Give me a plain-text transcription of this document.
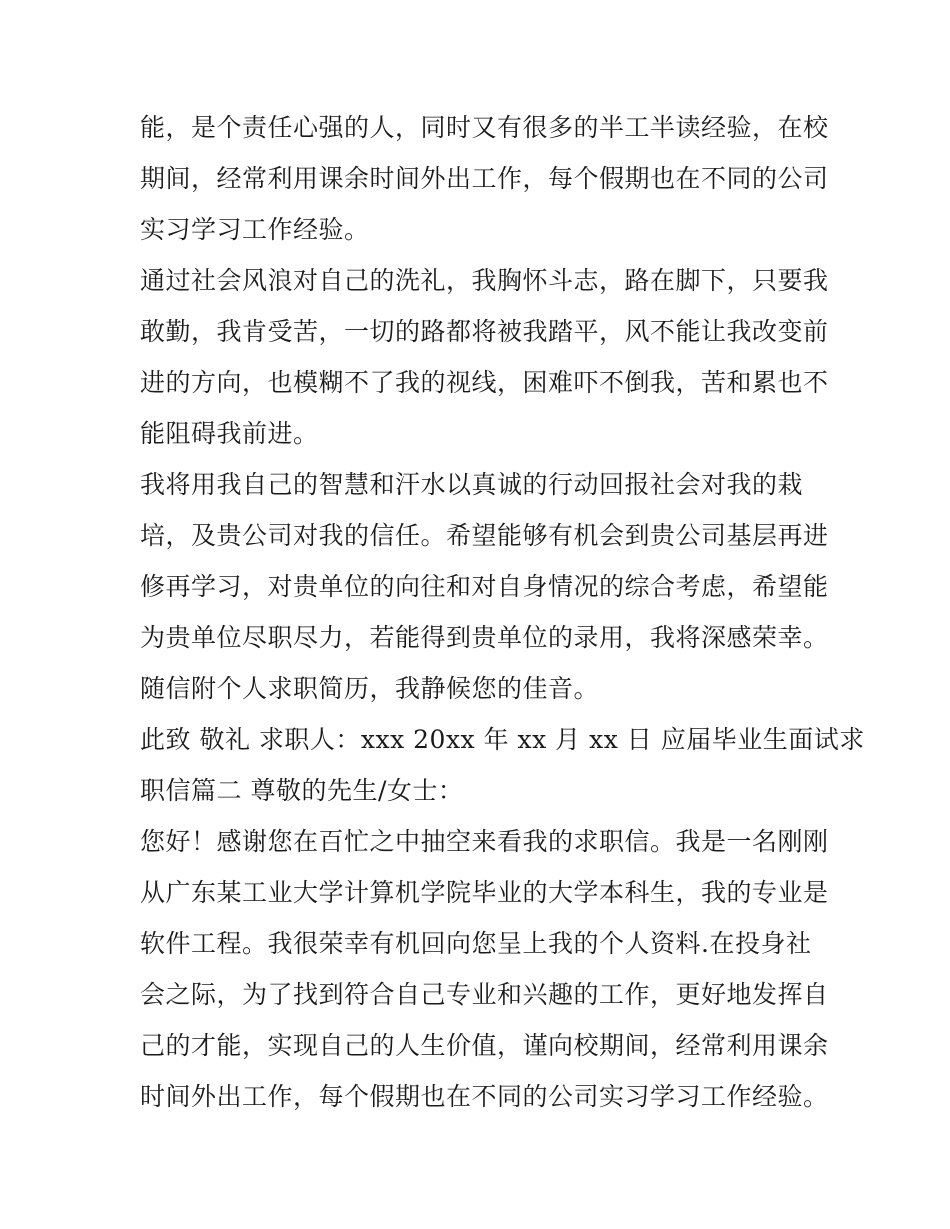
能，是个责任心强的人，同时又有很多的半工半读经验，在校
期间，经常利用课余时间外出工作，每个假期也在不同的公司
实习学习工作经验。
通过社会风浪对自己的洗礼，我胸怀斗志，路在脚下，只要我
敢勤，我肯受苦，一切的路都将被我踏平，风不能让我改变前
进的方向，也模糊不了我的视线，困难吓不倒我，苦和累也不
能阻碍我前进。
我将用我自己的智慧和汗水以真诚的行动回报社会对我的栽
培，及贵公司对我的信任。希望能够有机会到贵公司基层再进
修再学习，对贵单位的向往和对自身情况的综合考虑，希望能
为贵单位尽职尽力，若能得到贵单位的录用，我将深感荣幸。
随信附个人求职简历，我静候您的佳音。
此致 敬礼 求职人：xxx 20xx 年 xx 月 xx 日 应届毕业生面试求
职信篇二 尊敬的先生/女士：
您好！感谢您在百忙之中抽空来看我的求职信。我是一名刚刚
从广东某工业大学计算机学院毕业的大学本科生，我的专业是
软件工程。我很荣幸有机回向您呈上我的个人资料.在投身社
会之际，为了找到符合自己专业和兴趣的工作，更好地发挥自
己的才能，实现自己的人生价值，谨向校期间，经常利用课余
时间外出工作，每个假期也在不同的公司实习学习工作经验。
